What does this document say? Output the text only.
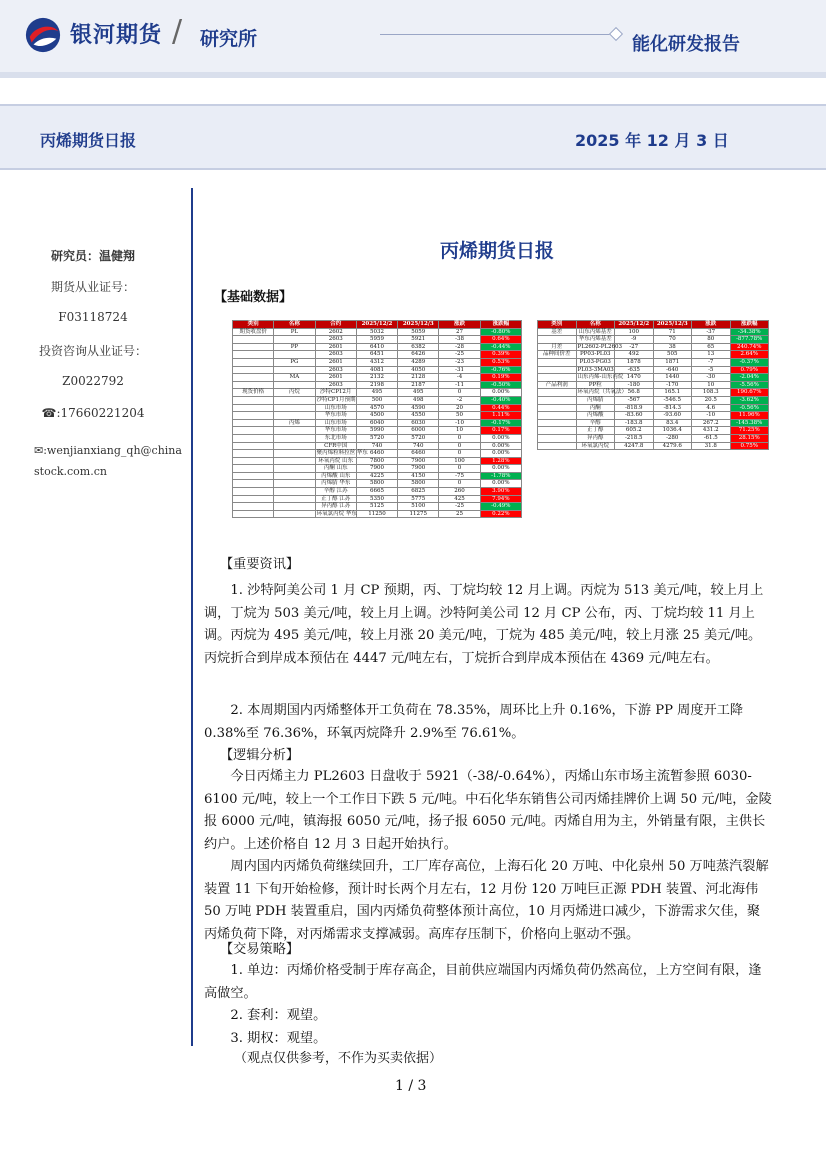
银河期货 / 研究所	能化研发报告
丙烯期货日报	2025 年 12 月 3 日
研究员：温健翔
期货从业证号：
F03118724
投资咨询从业证号：
Z0022792
☎:17660221204
✉:wenjianxiang_qh@chinastock.com.cn
丙烯期货日报
【基础数据】
类别	名称	合约	2025/12/2	2025/12/3	涨跌	涨跌幅
期货收盘价	PL	2602	5032	5059	27	-0.80%
		2603	5959	5921	-38	0.64%
	PP	2601	6410	6382	-28	-0.44%
		2603	6451	6426	-25	0.39%
	PG	2601	4312	4289	-23	0.53%
		2603	4081	4050	-31	-0.76%
	MA	2601	2132	2128	-4	0.19%
		2603	2198	2187	-11	-0.50%
现货价格	丙烷	沙特CP12月	495	495	0	0.00%
		沙特CP1月预期	500	498	-2	-0.40%
		山东市场	4570	4590	20	0.44%
		华东市场	4500	4550	50	1.11%
	丙烯	山东市场	6040	6030	-10	-0.17%
		华东市场	5990	6000	10	0.17%
		东北市场	5720	5720	0	0.00%
		CFR中国	740	740	0	0.00%
		聚丙烯粒料拉丝 华东	6460	6460	0	0.00%
		环氧丙烷 山东	7800	7900	100	1.28%
		丙酮 山东	7900	7900	0	0.00%
		丙烯酸 山东	4225	4150	-75	-1.78%
		丙烯腈 华东	5800	5800	0	0.00%
		辛醇 江苏	6665	6825	260	3.90%
		正丁醇 江苏	5350	5775	425	7.94%
		异丙醇 江苏	5125	5100	-25	-0.49%
		环氧氯丙烷 华东	11250	11275	25	0.22%
类别	名称	2025/12/2	2025/12/3	涨跌	涨跌幅
基差	山东丙烯基差	100	71	-37	-34.38%
	华东丙烯基差	-9	70	80	-877.78%
月差	PL2602-PL2603	-27	38	65	240.74%
品种间价差	PP03-PL03	492	505	13	2.64%
	PL03-PG03	1878	1871	-7	-0.37%
	PL03-3MA03	-635	-640	-5	0.79%
	山东丙烯-山东丙烷	1470	1440	-30	-2.04%
产品利润	PP粒	-180	-170	10	-5.56%
	环氧丙烷（共氧法）	56.8	165.1	108.3	190.67%
	丙烯腈	-567	-546.5	20.5	-3.62%
	丙酮	-818.9	-814.3	4.6	-0.56%
	丙烯酸	-83.60	-93.60	-10	11.96%
	辛醇	-183.8	83.4	267.2	-145.38%
	正丁醇	605.2	1036.4	431.2	71.25%
	异丙醇	-218.5	-280	-61.5	28.15%
	环氧氯丙烷	4247.8	4279.6	31.8	0.75%
【重要资讯】

1. 沙特阿美公司 1 月 CP 预期，丙、丁烷均较 12 月上调。丙烷为 513 美元/吨，较上月上调，丁烷为 503 美元/吨，较上月上调。沙特阿美公司 12 月 CP 公布，丙、丁烷均较 11 月上调。丙烷为 495 美元/吨，较上月涨 20 美元/吨，丁烷为 485 美元/吨，较上月涨 25 美元/吨。丙烷折合到岸成本预估在 4447 元/吨左右，丁烷折合到岸成本预估在 4369 元/吨左右。

2. 本周期国内丙烯整体开工负荷在 78.35%，周环比上升 0.16%，下游 PP 周度开工降 0.38%至 76.36%，环氧丙烷降升 2.9%至 76.61%。

【逻辑分析】

今日丙烯主力 PL2603 日盘收于 5921（-38/-0.64%），丙烯山东市场主流暂参照 6030-6100 元/吨，较上一个工作日下跌 5 元/吨。中石化华东销售公司丙烯挂牌价上调 50 元/吨，金陵报 6000 元/吨，镇海报 6050 元/吨，扬子报 6050 元/吨。丙烯自用为主，外销量有限，主供长约户。上述价格自 12 月 3 日起开始执行。

周内国内丙烯负荷继续回升，工厂库存高位，上海石化 20 万吨、中化泉州 50 万吨蒸汽裂解装置 11 下旬开始检修，预计时长两个月左右，12 月份 120 万吨巨正源 PDH 装置、河北海伟 50 万吨 PDH 装置重启，国内丙烯负荷整体预计高位，10 月丙烯进口减少，下游需求欠佳，聚丙烯负荷下降，对丙烯需求支撑减弱。高库存压制下，价格向上驱动不强。

【交易策略】

1. 单边：丙烯价格受制于库存高企，目前供应端国内丙烯负荷仍然高位，上方空间有限，逢高做空。

2. 套利：观望。

3. 期权：观望。

（观点仅供参考，不作为买卖依据）
1 / 3
